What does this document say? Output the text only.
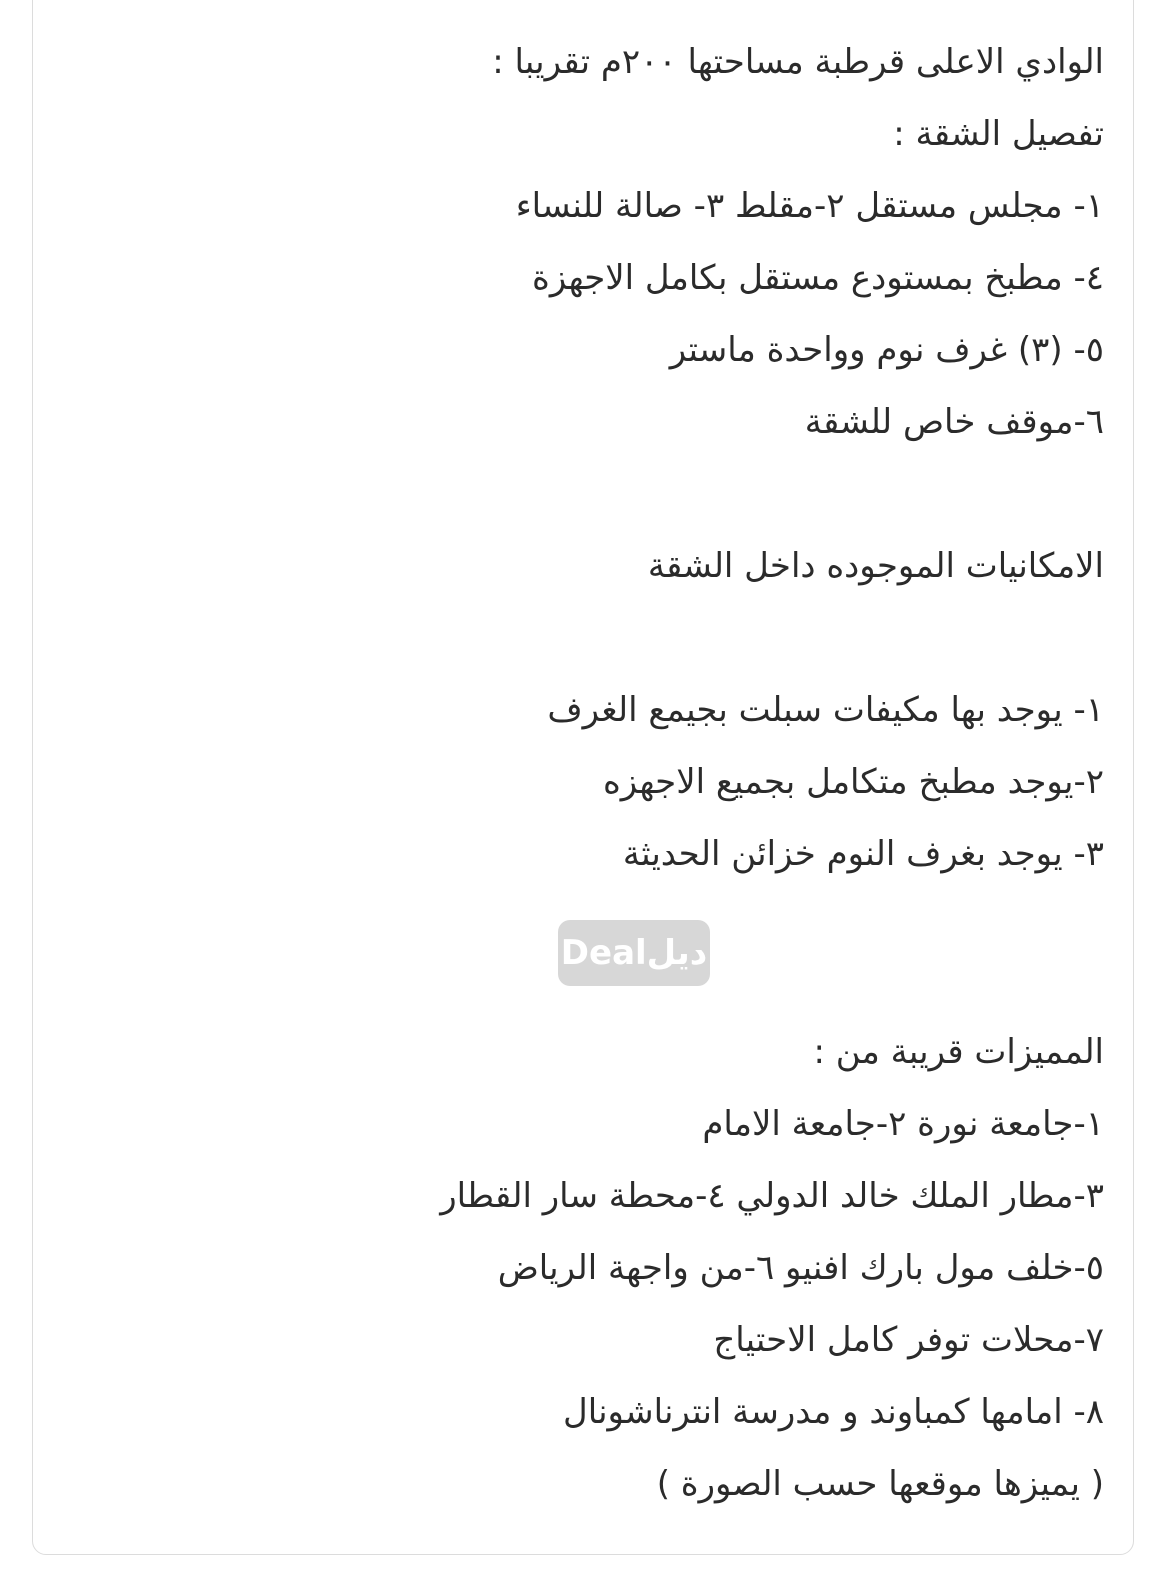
الوادي الاعلى قرطبة مساحتها ٢٠٠م تقريبا :
تفصيل الشقة :
١- مجلس مستقل ٢-مقلط ٣- صالة للنساء
٤- مطبخ بمستودع مستقل بكامل الاجهزة
٥- (٣) غرف نوم وواحدة ماستر
٦-موقف خاص للشقة
الامكانيات الموجوده داخل الشقة
١- يوجد بها مكيفات سبلت بجيمع الغرف
٢-يوجد مطبخ متكامل بجميع الاجهزه
٣- يوجد بغرف النوم خزائن الحديثة
Dealديل
المميزات قريبة من :
١-جامعة نورة ٢-جامعة الامام
٣-مطار الملك خالد الدولي ٤-محطة سار القطار
٥-خلف مول بارك افنيو ٦-من واجهة الرياض
٧-محلات توفر كامل الاحتياج
٨- امامها كمباوند و مدرسة انترناشونال
( يميزها موقعها حسب الصورة )
